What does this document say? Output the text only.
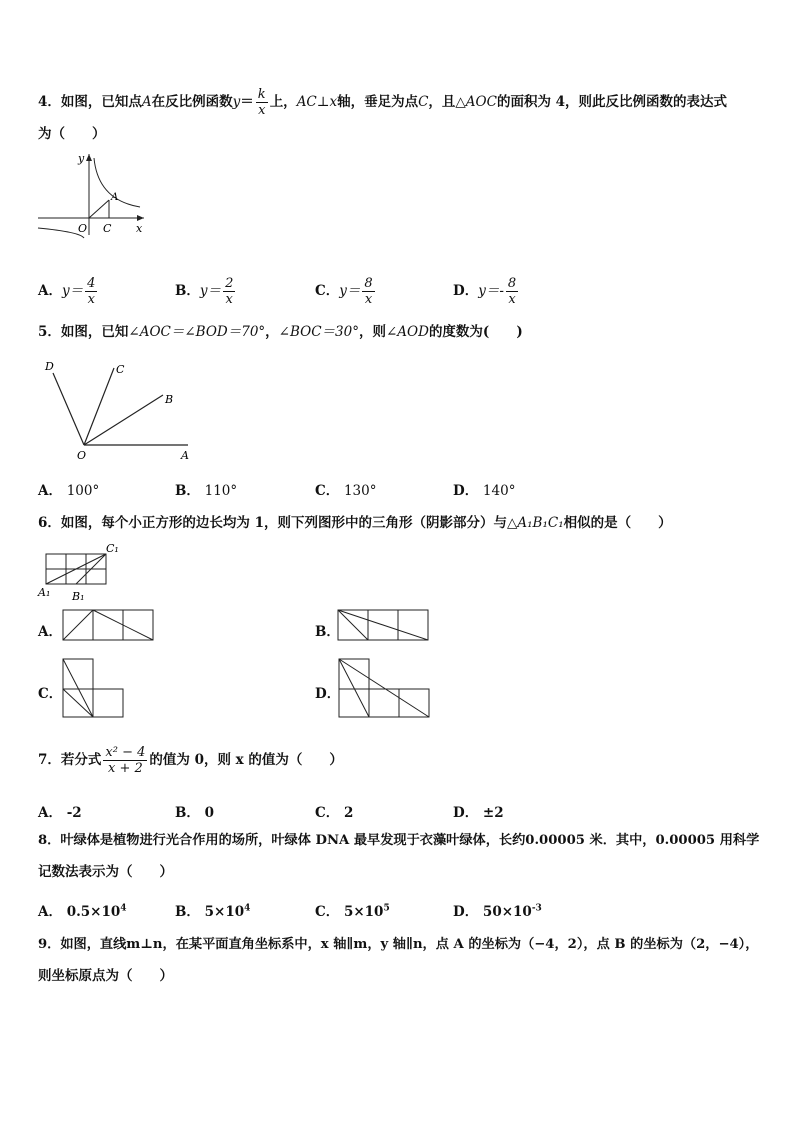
4．如图，已知点A在反比例函数$y= \frac{k}{x}$ 上，AC⊥x轴，垂足为点C，且△AOC的面积为 4，则此反比例函数的表达式
为（　　）
y
A
O C x
A．$y= \frac{4}{x}$	B．$y= \frac{2}{x}$	C．$y= \frac{8}{x}$	D．$y=- \frac{8}{x}$
5．如图，已知∠AOC＝∠BOD＝70°，∠BOC＝30°，则∠AOD的度数为(　　)
D	C
B
O	A
A． 100°	B． 110°	C． 130°	D． 140°
6．如图，每个小正方形的边长均为 1，则下列图形中的三角形（阴影部分）与△A₁B₁C₁相似的是（　　）
C₁
A₁ B₁
A．	B．
C．	D．
7．若分式 $\frac{\text{x² − 4}}{x + 2}$ 的值为 0，则 x 的值为（　　）
A． -2	B． 0	C． 2	D． ±2
8．叶绿体是植物进行光合作用的场所，叶绿体 DNA 最早发现于衣藻叶绿体，长约0.00005 米．其中，0.00005 用科学
记数法表示为（　　）
A． $0.5\times 10^4$	B． $5\times 10^4$	C． $5\times 10^5$	D． $50\times 10^{-3}$
9．如图，直线m⊥n，在某平面直角坐标系中，x 轴∥m，y 轴∥n，点 A 的坐标为（−4，2），点 B 的坐标为（2，−4），
则坐标原点为（　　）
